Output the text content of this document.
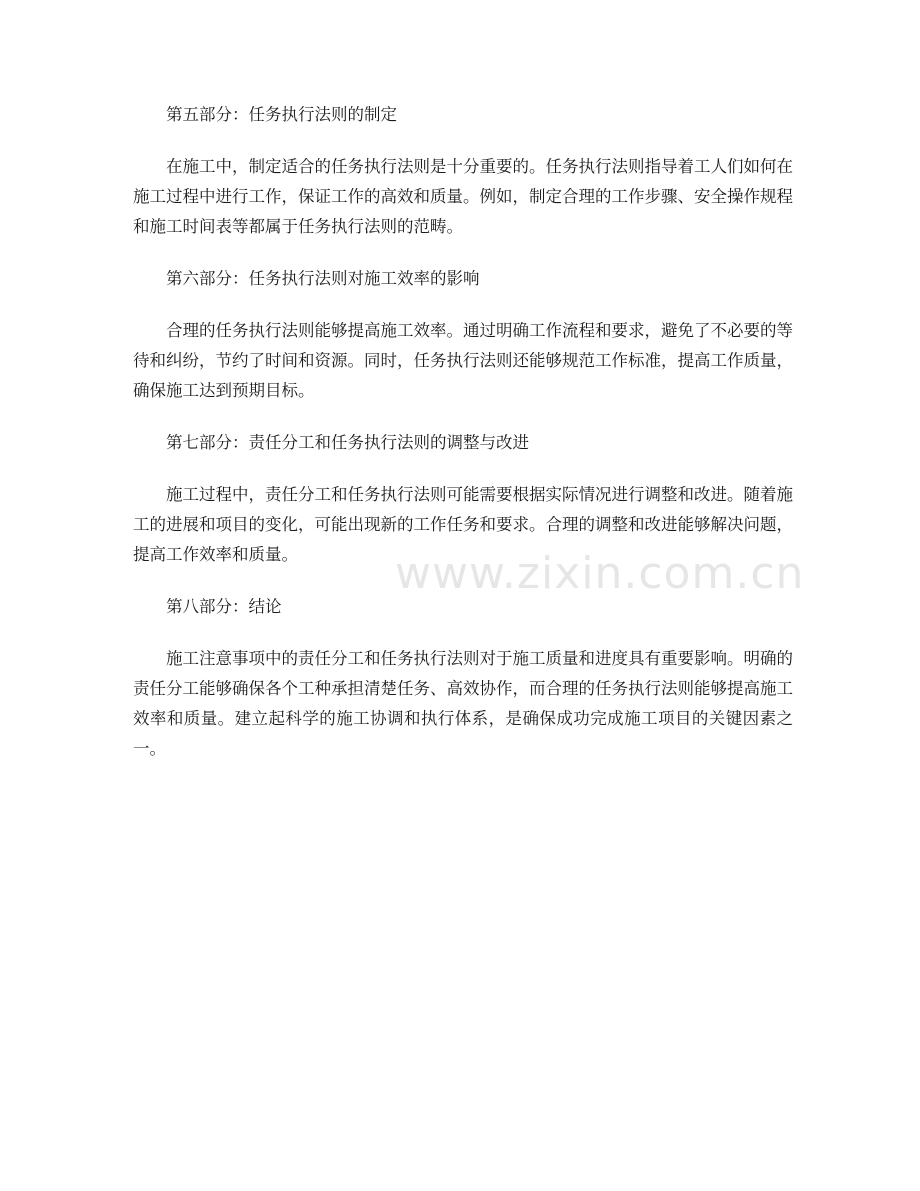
第五部分：任务执行法则的制定

在施工中，制定适合的任务执行法则是十分重要的。任务执行法则指导着工人们如何在施工过程中进行工作，保证工作的高效和质量。例如，制定合理的工作步骤、安全操作规程和施工时间表等都属于任务执行法则的范畴。

第六部分：任务执行法则对施工效率的影响

合理的任务执行法则能够提高施工效率。通过明确工作流程和要求，避免了不必要的等待和纠纷，节约了时间和资源。同时，任务执行法则还能够规范工作标准，提高工作质量，确保施工达到预期目标。

第七部分：责任分工和任务执行法则的调整与改进

施工过程中，责任分工和任务执行法则可能需要根据实际情况进行调整和改进。随着施工的进展和项目的变化，可能出现新的工作任务和要求。合理的调整和改进能够解决问题，提高工作效率和质量。

第八部分：结论

施工注意事项中的责任分工和任务执行法则对于施工质量和进度具有重要影响。明确的责任分工能够确保各个工种承担清楚任务、高效协作，而合理的任务执行法则能够提高施工效率和质量。建立起科学的施工协调和执行体系，是确保成功完成施工项目的关键因素之一。

www.zixin.com.cn
